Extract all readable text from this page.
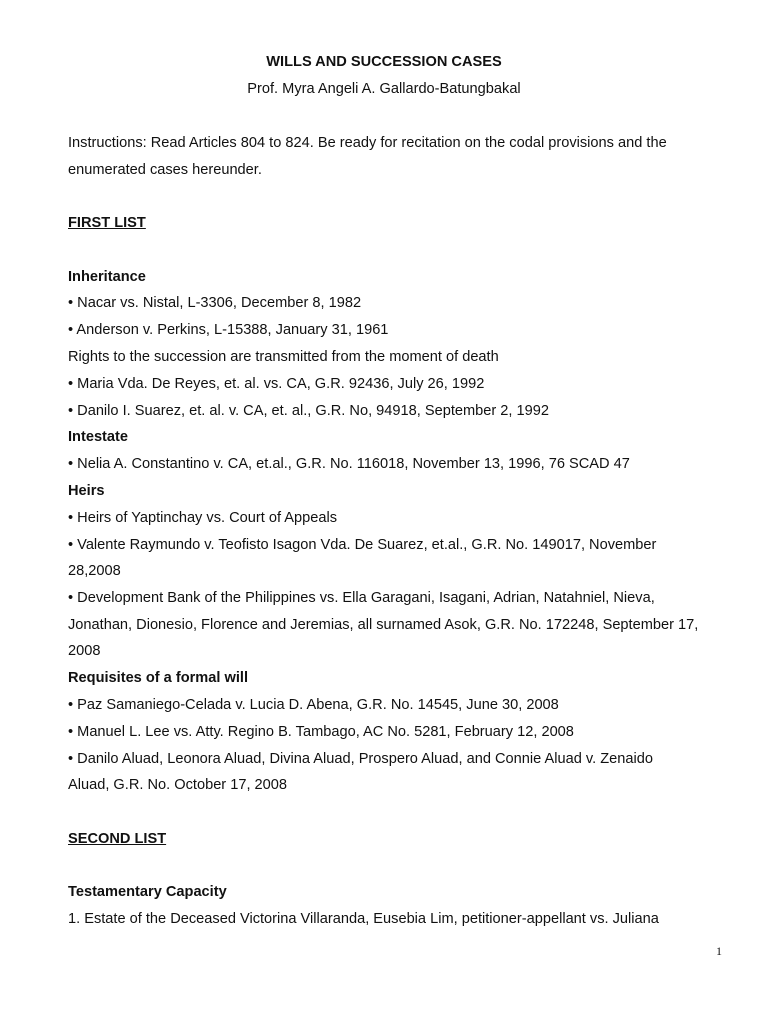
WILLS AND SUCCESSION CASES
Prof. Myra Angeli A. Gallardo-Batungbakal
Instructions: Read Articles 804 to 824. Be ready for recitation on the codal provisions and the
enumerated cases hereunder.
FIRST LIST
Inheritance
• Nacar vs. Nistal, L-3306, December 8, 1982
• Anderson v. Perkins, L-15388, January 31, 1961
Rights to the succession are transmitted from the moment of death
• Maria Vda. De Reyes, et. al. vs. CA, G.R. 92436, July 26, 1992
• Danilo I. Suarez, et. al. v. CA, et. al., G.R. No, 94918, September 2, 1992
Intestate
• Nelia A. Constantino v. CA, et.al., G.R. No. 116018, November 13, 1996, 76 SCAD 47
Heirs
• Heirs of Yaptinchay vs. Court of Appeals
• Valente Raymundo v. Teofisto Isagon Vda. De Suarez, et.al., G.R. No. 149017, November
28,2008
• Development Bank of the Philippines vs. Ella Garagani, Isagani, Adrian, Natahniel, Nieva,
Jonathan, Dionesio, Florence and Jeremias, all surnamed Asok, G.R. No. 172248, September 17,
2008
Requisites of a formal will
• Paz Samaniego-Celada v. Lucia D. Abena, G.R. No. 14545, June 30, 2008
• Manuel L. Lee vs. Atty. Regino B. Tambago, AC No. 5281, February 12, 2008
• Danilo Aluad, Leonora Aluad, Divina Aluad, Prospero Aluad, and Connie Aluad v. Zenaido
Aluad, G.R. No. October 17, 2008
SECOND LIST
Testamentary Capacity
1. Estate of the Deceased Victorina Villaranda, Eusebia Lim, petitioner-appellant vs. Juliana
1
